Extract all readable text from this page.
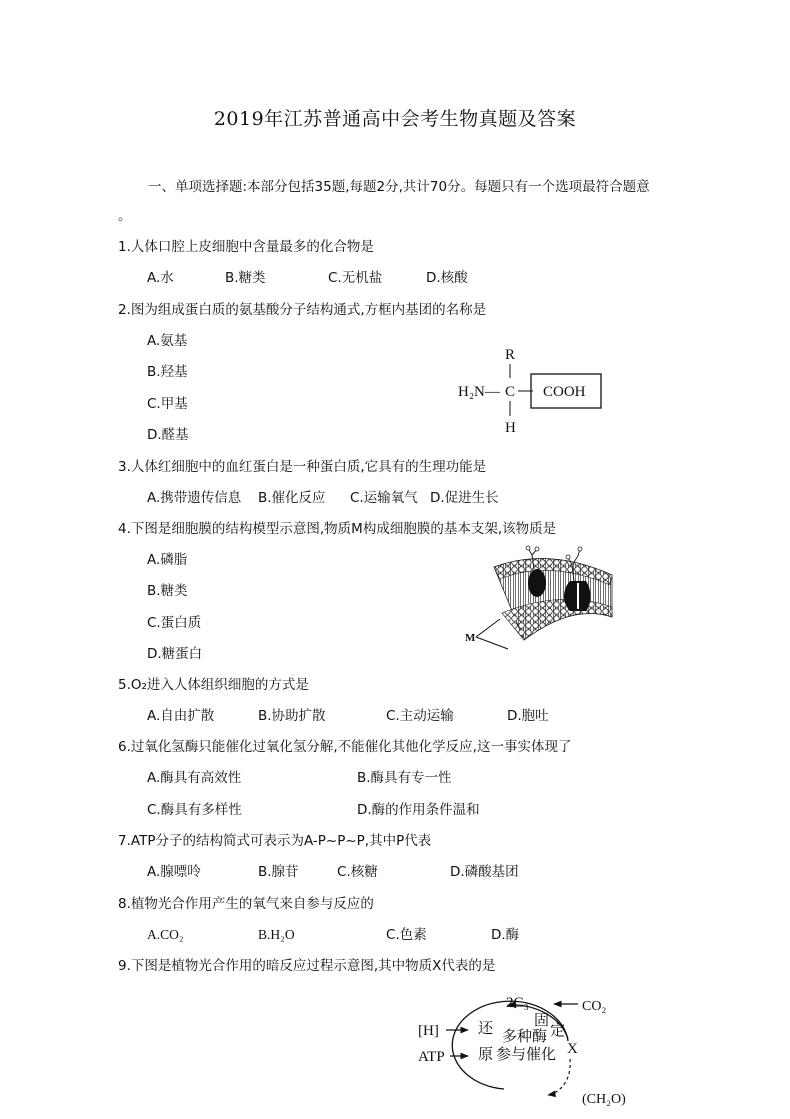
2019年江苏普通高中会考生物真题及答案
一、单项选择题:本部分包括35题,每题2分,共计70分。每题只有一个选项最符合题意
。
1.人体口腔上皮细胞中含量最多的化合物是
A.水	B.糖类	C.无机盐	D.核酸
2.图为组成蛋白质的氨基酸分子结构通式,方框内基团的名称是
A.氨基
B.羟基
C.甲基
D.醛基
R
H₂N— C COOH
H
3.人体红细胞中的血红蛋白是一种蛋白质,它具有的生理功能是
A.携带遗传信息 B.催化反应 C.运输氧气 D.促进生长
4.下图是细胞膜的结构模型示意图,物质M构成细胞膜的基本支架,该物质是
A.磷脂
B.糖类
C.蛋白质
D.糖蛋白
M
5.O₂进入人体组织细胞的方式是
A.自由扩散	B.协助扩散	C.主动运输	D.胞吐
6.过氧化氢酶只能催化过氧化氢分解,不能催化其他化学反应,这一事实体现了
A.酶具有高效性	B.酶具有专一性
C.酶具有多样性	D.酶的作用条件温和
7.ATP分子的结构简式可表示为A-P~P~P,其中P代表
A.腺嘌呤	B.腺苷	C.核糖	D.磷酸基团
8.植物光合作用产生的氧气来自参与反应的
A.CO₂	B.H₂O	C.色素	D.酶
9.下图是植物光合作用的暗反应过程示意图,其中物质X代表的是
2C₃	CO₂
[H]
ATP
还
原
固
定
多种酶
参与催化 X
(CH₂O)
